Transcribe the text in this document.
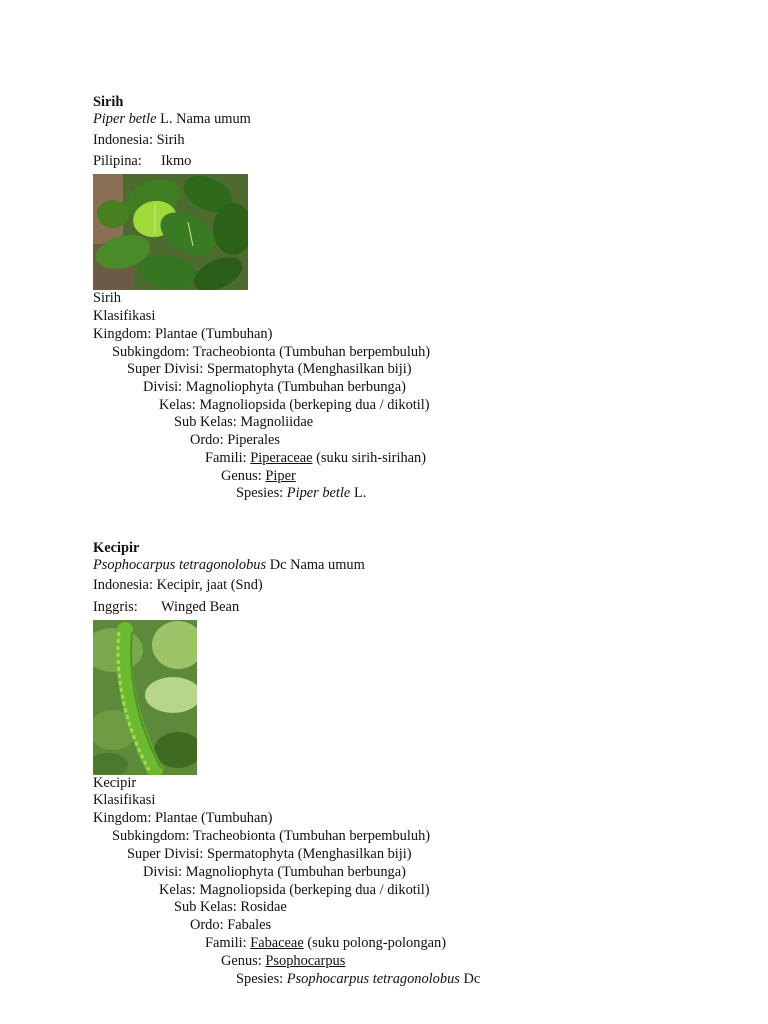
Sirih
Piper betle L. Nama umum
Indonesia: Sirih
Pilipina: Ikmo
Sirih
Klasifikasi
Kingdom: Plantae (Tumbuhan)
Subkingdom: Tracheobionta (Tumbuhan berpembuluh)
Super Divisi: Spermatophyta (Menghasilkan biji)
Divisi: Magnoliophyta (Tumbuhan berbunga)
Kelas: Magnoliopsida (berkeping dua / dikotil)
Sub Kelas: Magnoliidae
Ordo: Piperales
Famili: Piperaceae (suku sirih-sirihan)
Genus: Piper
Spesies: Piper betle L.
Kecipir
Psophocarpus tetragonolobus Dc Nama umum
Indonesia: Kecipir, jaat (Snd)
Inggris: Winged Bean
Kecipir
Klasifikasi
Kingdom: Plantae (Tumbuhan)
Subkingdom: Tracheobionta (Tumbuhan berpembuluh)
Super Divisi: Spermatophyta (Menghasilkan biji)
Divisi: Magnoliophyta (Tumbuhan berbunga)
Kelas: Magnoliopsida (berkeping dua / dikotil)
Sub Kelas: Rosidae
Ordo: Fabales
Famili: Fabaceae (suku polong-polongan)
Genus: Psophocarpus
Spesies: Psophocarpus tetragonolobus Dc
